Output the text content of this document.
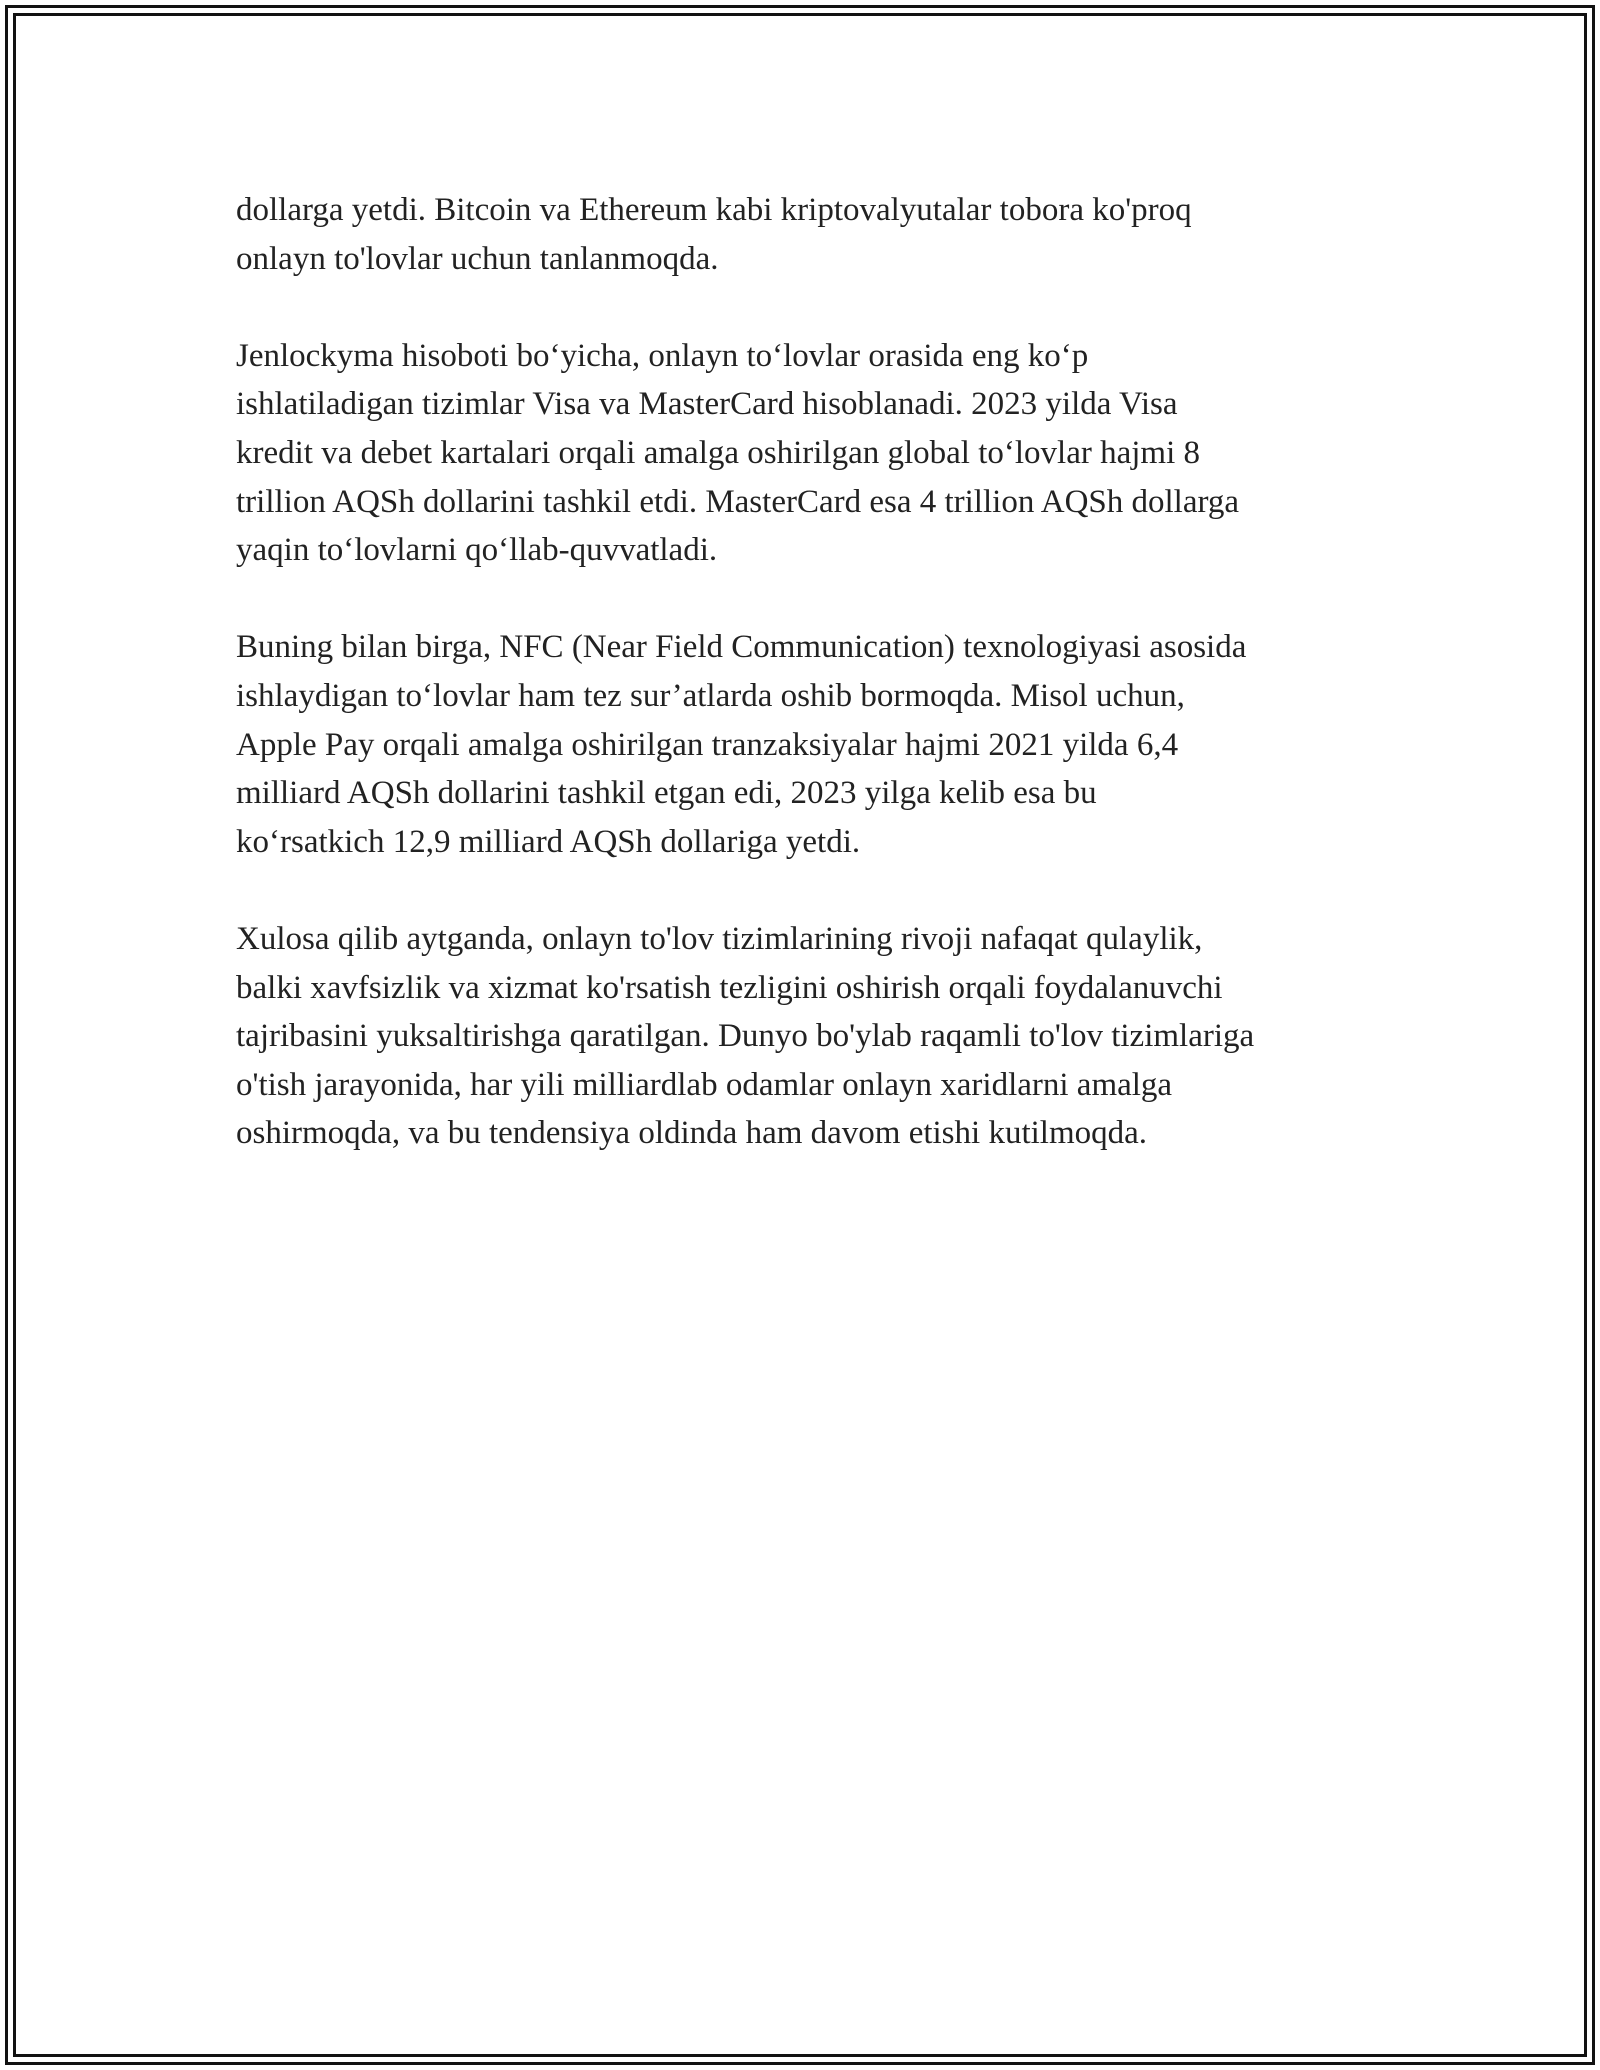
dollarga yetdi. Bitcoin va Ethereum kabi kriptovalyutalar tobora ko'proq
onlayn to'lovlar uchun tanlanmoqda.

Jenlockyma hisoboti bo‘yicha, onlayn to‘lovlar orasida eng ko‘p
ishlatiladigan tizimlar Visa va MasterCard hisoblanadi. 2023 yilda Visa
kredit va debet kartalari orqali amalga oshirilgan global to‘lovlar hajmi 8
trillion AQSh dollarini tashkil etdi. MasterCard esa 4 trillion AQSh dollarga
yaqin to‘lovlarni qo‘llab-quvvatladi.

Buning bilan birga, NFC (Near Field Communication) texnologiyasi asosida
ishlaydigan to‘lovlar ham tez sur’atlarda oshib bormoqda. Misol uchun,
Apple Pay orqali amalga oshirilgan tranzaksiyalar hajmi 2021 yilda 6,4
milliard AQSh dollarini tashkil etgan edi, 2023 yilga kelib esa bu
ko‘rsatkich 12,9 milliard AQSh dollariga yetdi.

Xulosa qilib aytganda, onlayn to'lov tizimlarining rivoji nafaqat qulaylik,
balki xavfsizlik va xizmat ko'rsatish tezligini oshirish orqali foydalanuvchi
tajribasini yuksaltirishga qaratilgan. Dunyo bo'ylab raqamli to'lov tizimlariga
o'tish jarayonida, har yili milliardlab odamlar onlayn xaridlarni amalga
oshirmoqda, va bu tendensiya oldinda ham davom etishi kutilmoqda.
